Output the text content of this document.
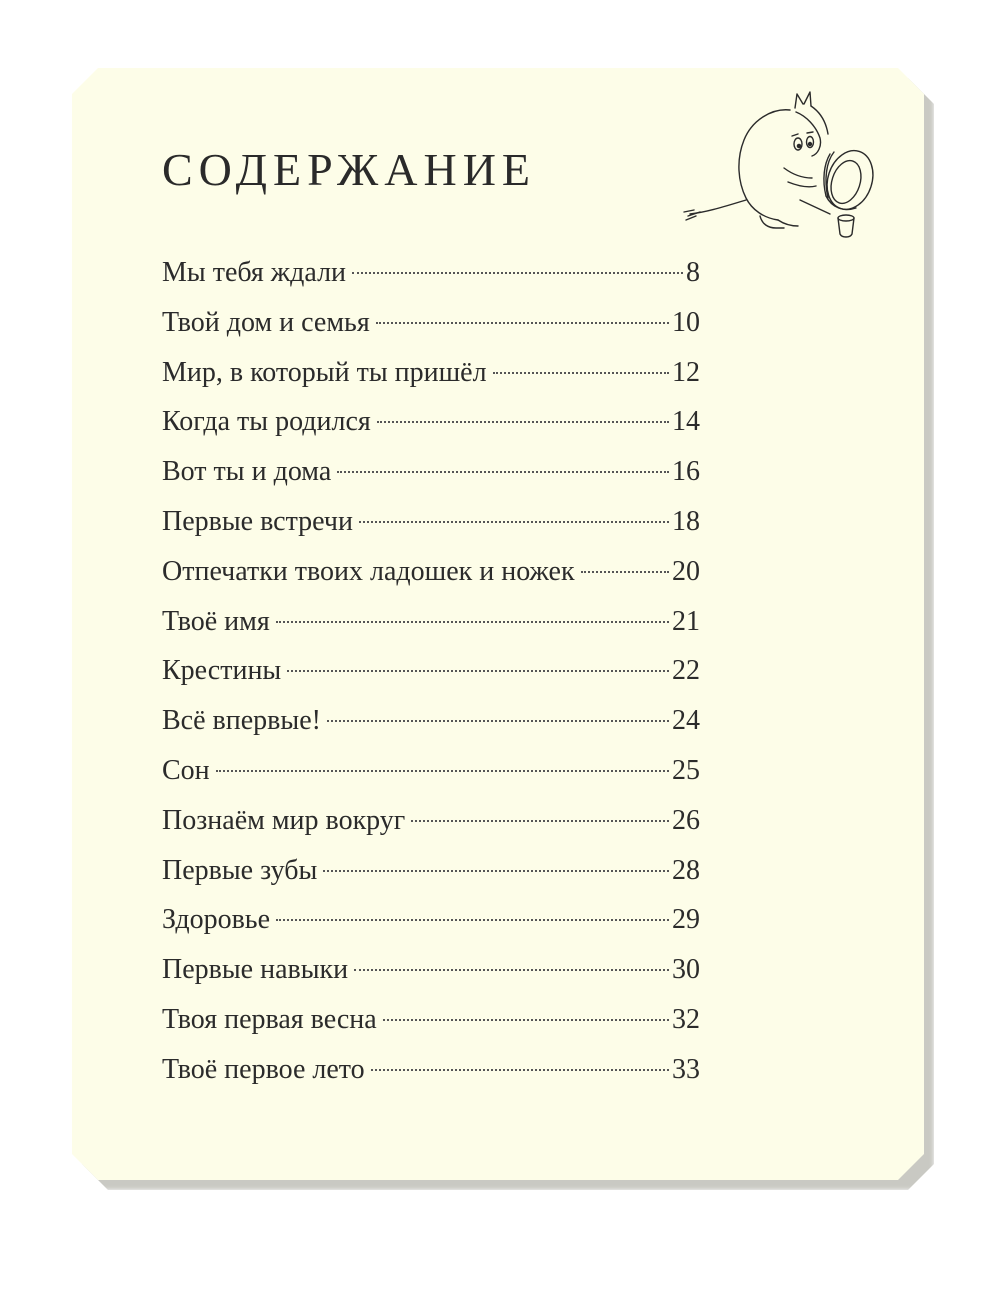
СОДЕРЖАНИЕ
Мы тебя ждали	8
Твой дом и семья	10
Мир, в который ты пришёл	12
Когда ты родился	14
Вот ты и дома	16
Первые встречи	18
Отпечатки твоих ладошек и ножек	20
Твоё имя	21
Крестины	22
Всё впервые!	24
Сон	25
Познаём мир вокруг	26
Первые зубы	28
Здоровье	29
Первые навыки	30
Твоя первая весна	32
Твоё первое лето	33
